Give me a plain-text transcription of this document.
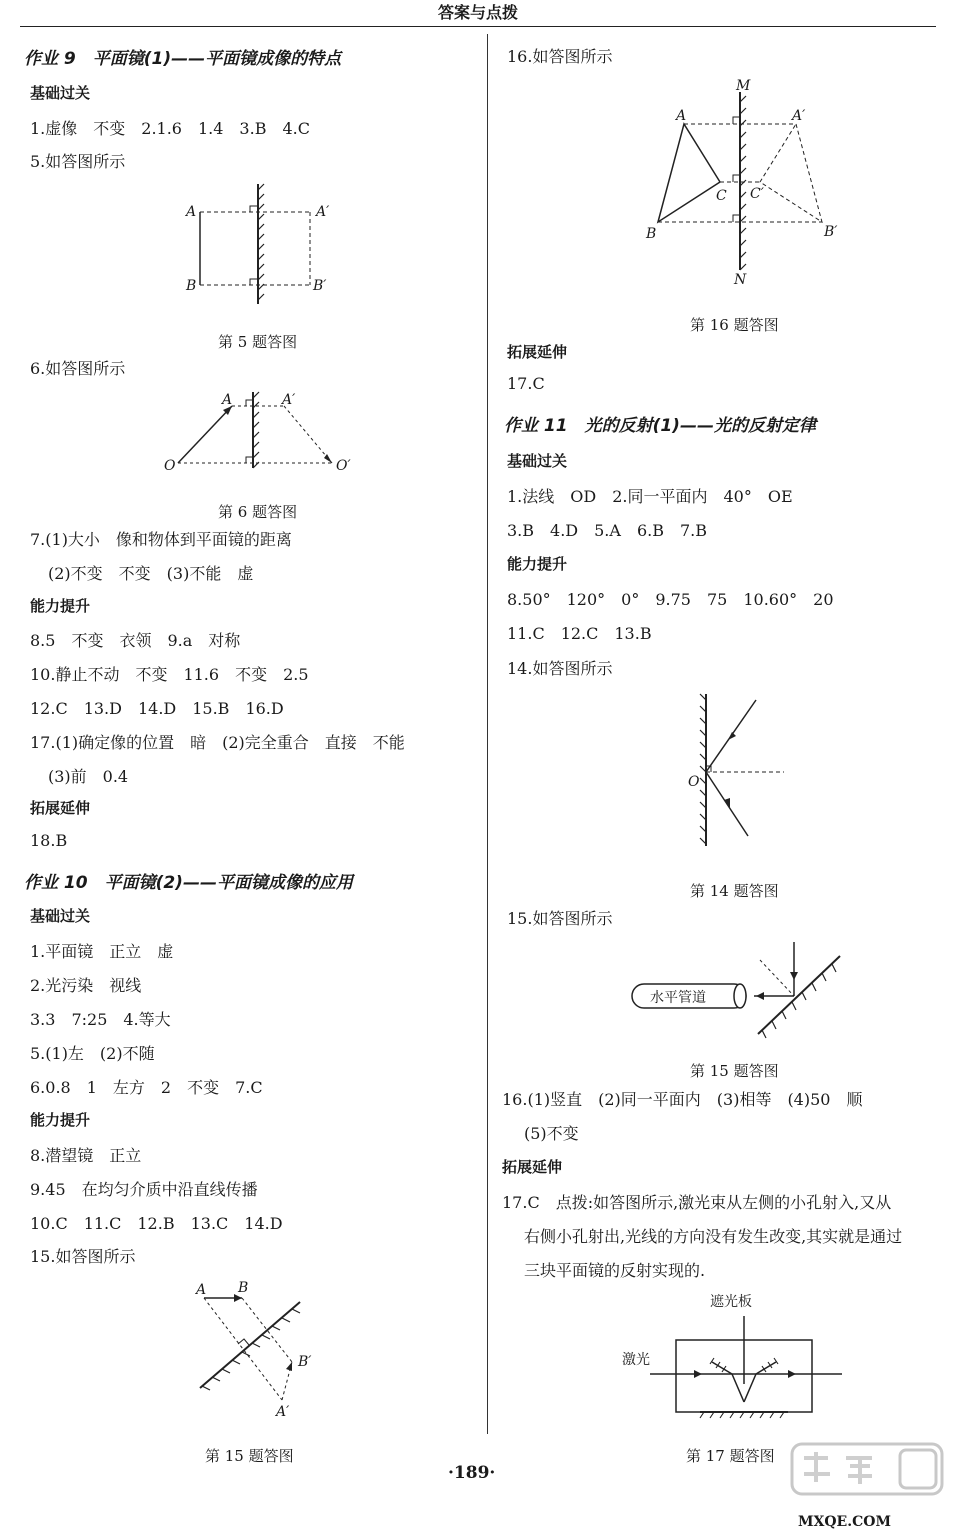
答案与点拨
作业 9　平面镜(1)——平面镜成像的特点
基础过关
1.虚像　不变　2.1.6　1.4　3.B　4.C
5.如答图所示
A
B
A′
B′
第 5 题答图
6.如答图所示
A	A′
O	O′
第 6 题答图
7.(1)大小　像和物体到平面镜的距离
(2)不变　不变　(3)不能　虚
能力提升
8.5　不变　衣领　9.a　对称
10.静止不动　不变　11.6　不变　2.5
12.C　13.D　14.D　15.B　16.D
17.(1)确定像的位置　暗　(2)完全重合　直接　不能
(3)前　0.4
拓展延伸
18.B
作业 10　平面镜(2)——平面镜成像的应用
基础过关
1.平面镜　正立　虚
2.光污染　视线
3.3　7:25　4.等大
5.(1)左　(2)不随
6.0.8　1　左方　2　不变　7.C
能力提升
8.潜望镜　正立
9.45　在均匀介质中沿直线传播
10.C　11.C　12.B　13.C　14.D
15.如答图所示
A B
B′
A′
第 15 题答图
16.如答图所示
M
N
A
B
C
A′
B′
C′
第 16 题答图
拓展延伸
17.C
作业 11　光的反射(1)——光的反射定律
基础过关
1.法线　OD　2.同一平面内　40°　OE
3.B　4.D　5.A　6.B　7.B
能力提升
8.50°　120°　0°　9.75　75　10.60°　20
11.C　12.C　13.B
14.如答图所示
O
第 14 题答图
15.如答图所示
水平管道
第 15 题答图
16.(1)竖直　(2)同一平面内　(3)相等　(4)50　顺
(5)不变
拓展延伸
17.C　点拨:如答图所示,激光束从左侧的小孔射入,又从
右侧小孔射出,光线的方向没有发生改变,其实就是通过
三块平面镜的反射实现的.
遮光板
激光
第 17 题答图
·189·
MXQE.COM
